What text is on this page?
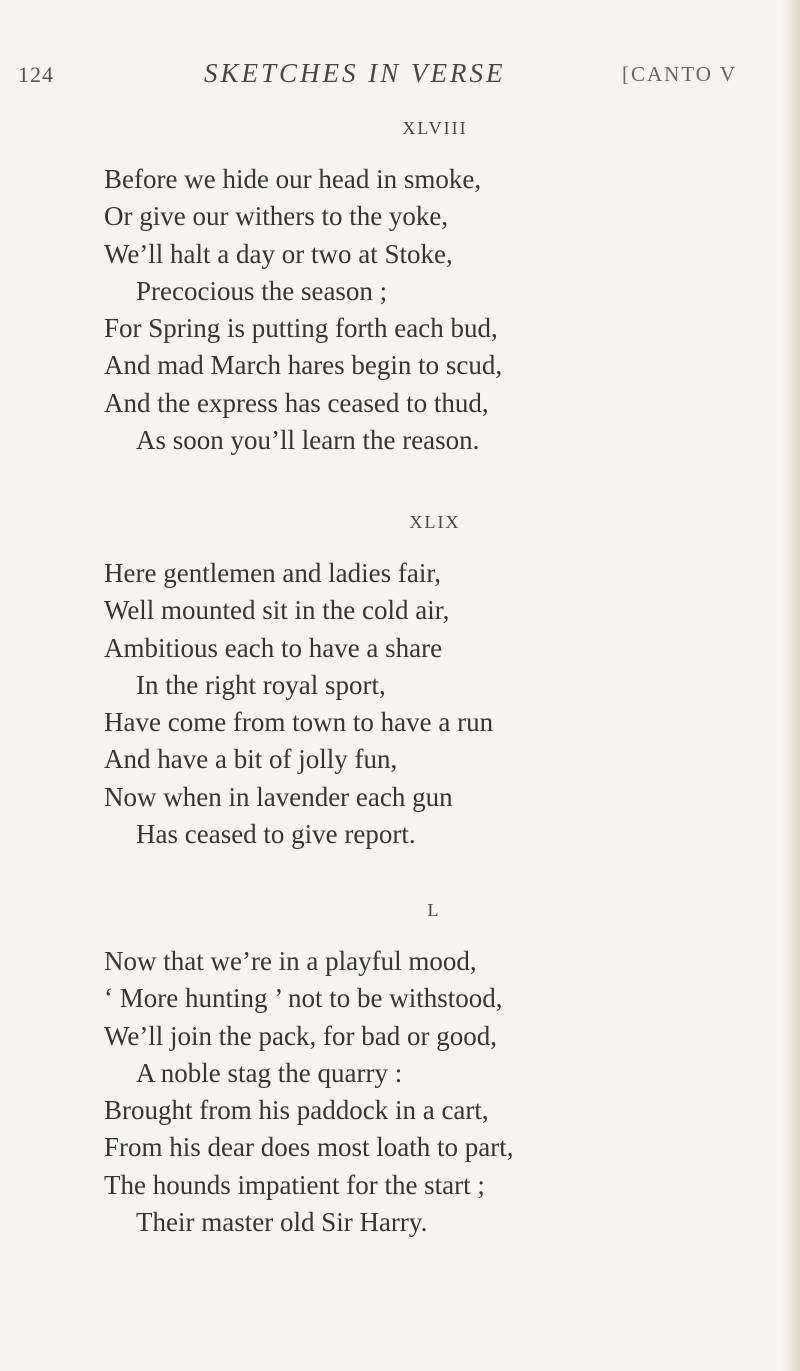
124	SKETCHES IN VERSE	[CANTO V
XLVIII
Before we hide our head in smoke,
Or give our withers to the yoke,
We’ll halt a day or two at Stoke,
Precocious the season ;
For Spring is putting forth each bud,
And mad March hares begin to scud,
And the express has ceased to thud,
As soon you’ll learn the reason.
XLIX
Here gentlemen and ladies fair,
Well mounted sit in the cold air,
Ambitious each to have a share
In the right royal sport,
Have come from town to have a run
And have a bit of jolly fun,
Now when in lavender each gun
Has ceased to give report.
L
Now that we’re in a playful mood,
‘ More hunting ’ not to be withstood,
We’ll join the pack, for bad or good,
A noble stag the quarry :
Brought from his paddock in a cart,
From his dear does most loath to part,
The hounds impatient for the start ;
Their master old Sir Harry.
